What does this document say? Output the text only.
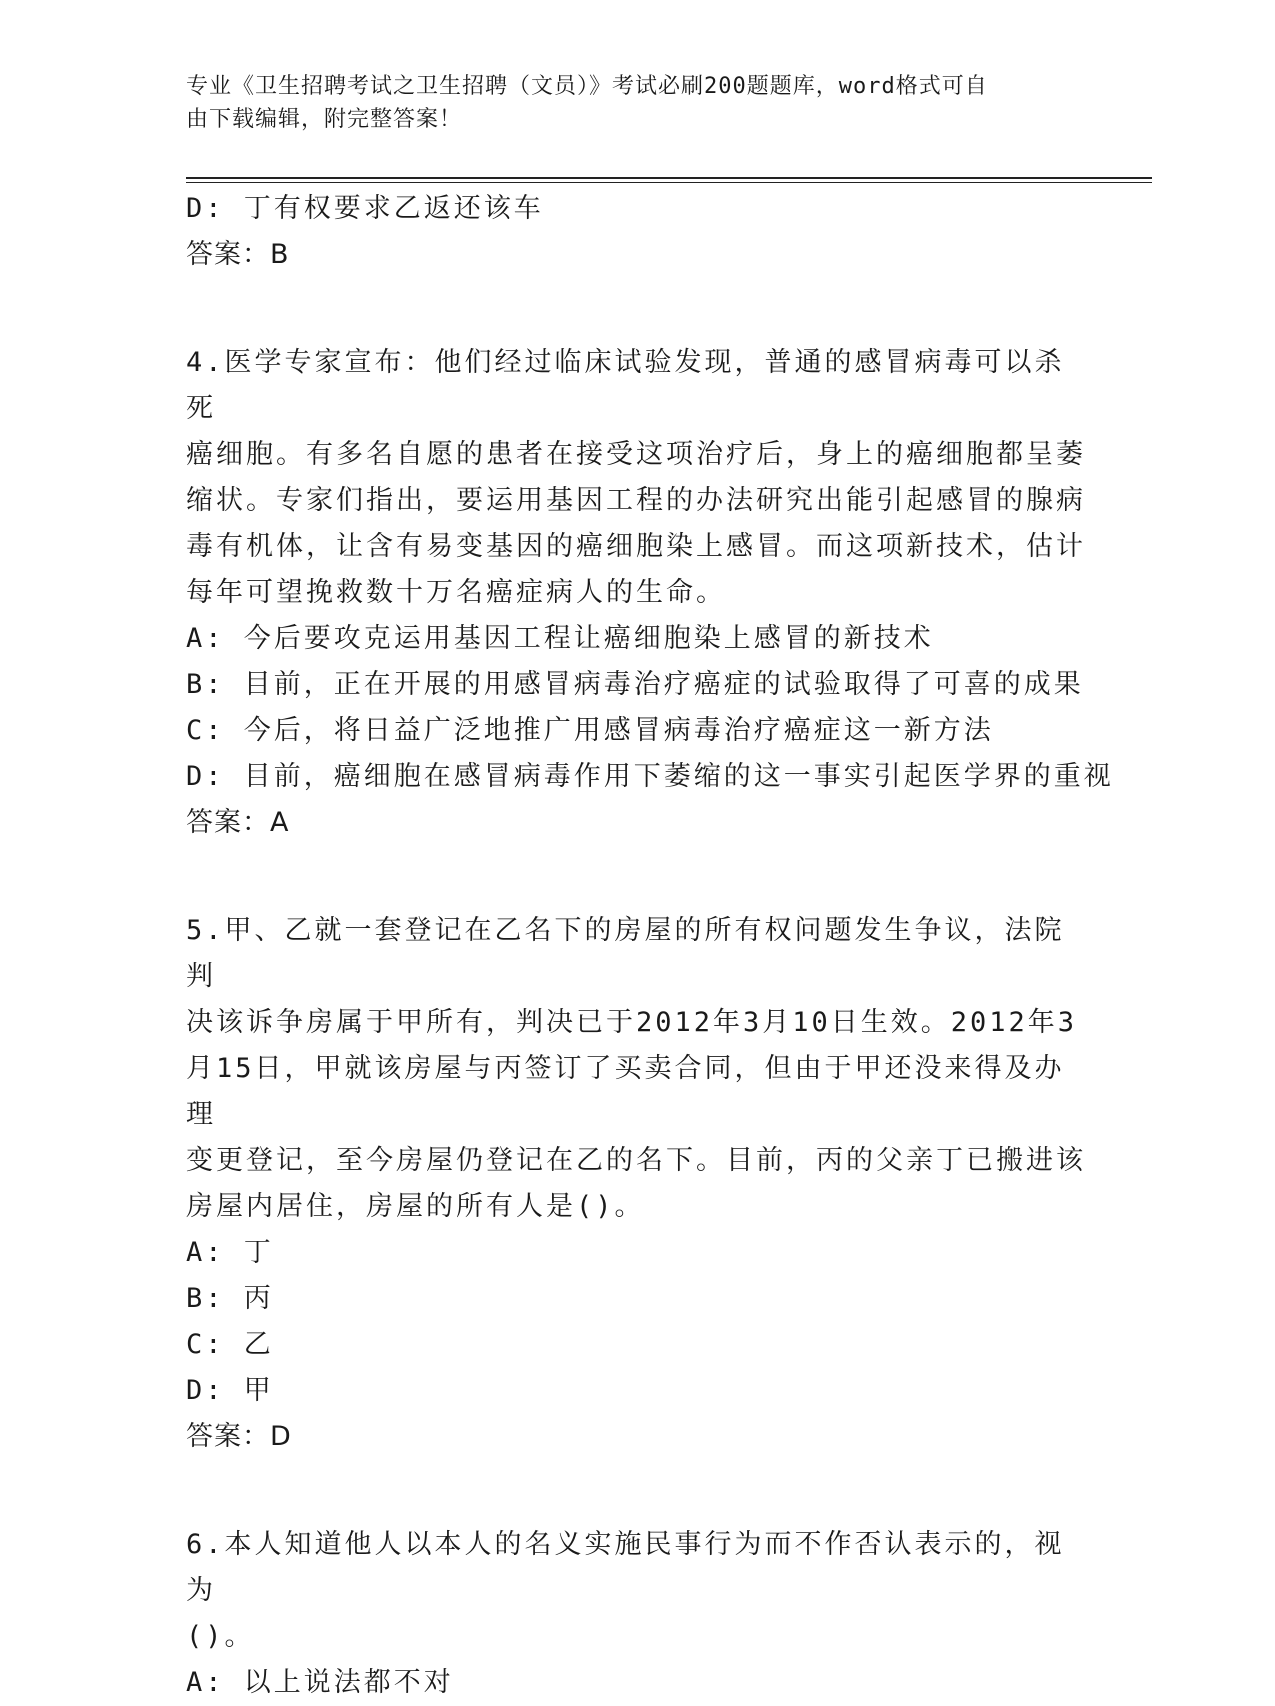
专业《卫生招聘考试之卫生招聘（文员）》考试必刷200题题库，word格式可自
由下载编辑，附完整答案！

D: 丁有权要求乙返还该车

答案：B

4.医学专家宣布：他们经过临床试验发现，普通的感冒病毒可以杀死

癌细胞。有多名自愿的患者在接受这项治疗后，身上的癌细胞都呈萎

缩状。专家们指出，要运用基因工程的办法研究出能引起感冒的腺病

毒有机体，让含有易变基因的癌细胞染上感冒。而这项新技术，估计

每年可望挽救数十万名癌症病人的生命。

A: 今后要攻克运用基因工程让癌细胞染上感冒的新技术

B: 目前，正在开展的用感冒病毒治疗癌症的试验取得了可喜的成果

C: 今后，将日益广泛地推广用感冒病毒治疗癌症这一新方法

D: 目前，癌细胞在感冒病毒作用下萎缩的这一事实引起医学界的重视

答案：A

5.甲、乙就一套登记在乙名下的房屋的所有权问题发生争议，法院判

决该诉争房属于甲所有，判决已于2012年3月10日生效。2012年3

月15日，甲就该房屋与丙签订了买卖合同，但由于甲还没来得及办理

变更登记，至今房屋仍登记在乙的名下。目前，丙的父亲丁已搬进该

房屋内居住，房屋的所有人是()。

A: 丁

B: 丙

C: 乙

D: 甲

答案：D

6.本人知道他人以本人的名义实施民事行为而不作否认表示的，视为

()。

A: 以上说法都不对
